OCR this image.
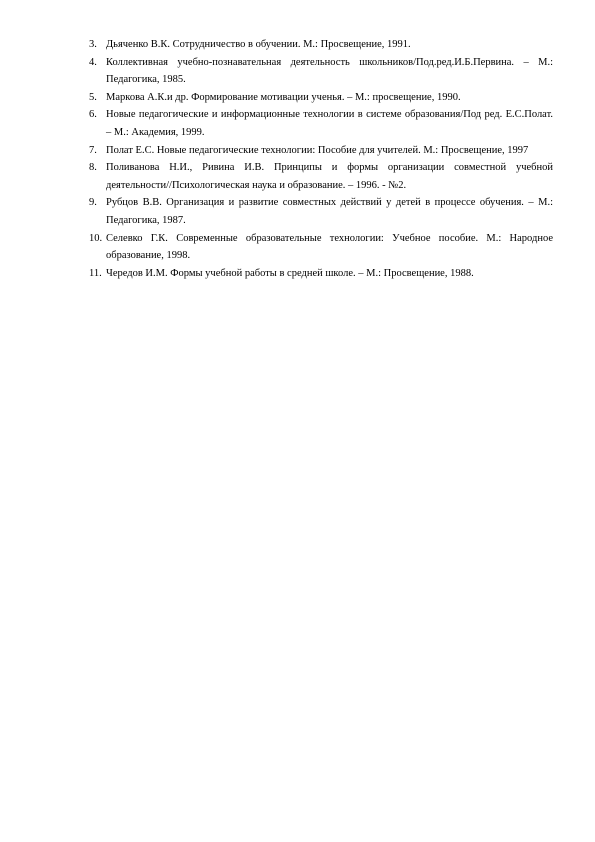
3. Дьяченко В.К. Сотрудничество в обучении. М.: Просвещение, 1991.
4. Коллективная учебно-познавательная деятельность школьников/Под.ред.И.Б.Первина. – М.: Педагогика, 1985.
5. Маркова А.К.и др. Формирование мотивации ученья. – М.: просвещение, 1990.
6. Новые педагогические и информационные технологии в системе образования/Под ред. Е.С.Полат. – М.: Академия, 1999.
7. Полат Е.С. Новые педагогические технологии: Пособие для учителей. М.: Просвещение, 1997
8. Поливанова Н.И., Ривина И.В. Принципы и формы организации совместной учебной деятельности//Психологическая наука и образование. – 1996. - №2.
9. Рубцов В.В. Организация и развитие совместных действий у детей в процессе обучения. – М.: Педагогика, 1987.
10. Селевко Г.К. Современные образовательные технологии: Учебное пособие. М.: Народное образование, 1998.
11. Чередов И.М. Формы учебной работы в средней школе. – М.: Просвещение, 1988.
